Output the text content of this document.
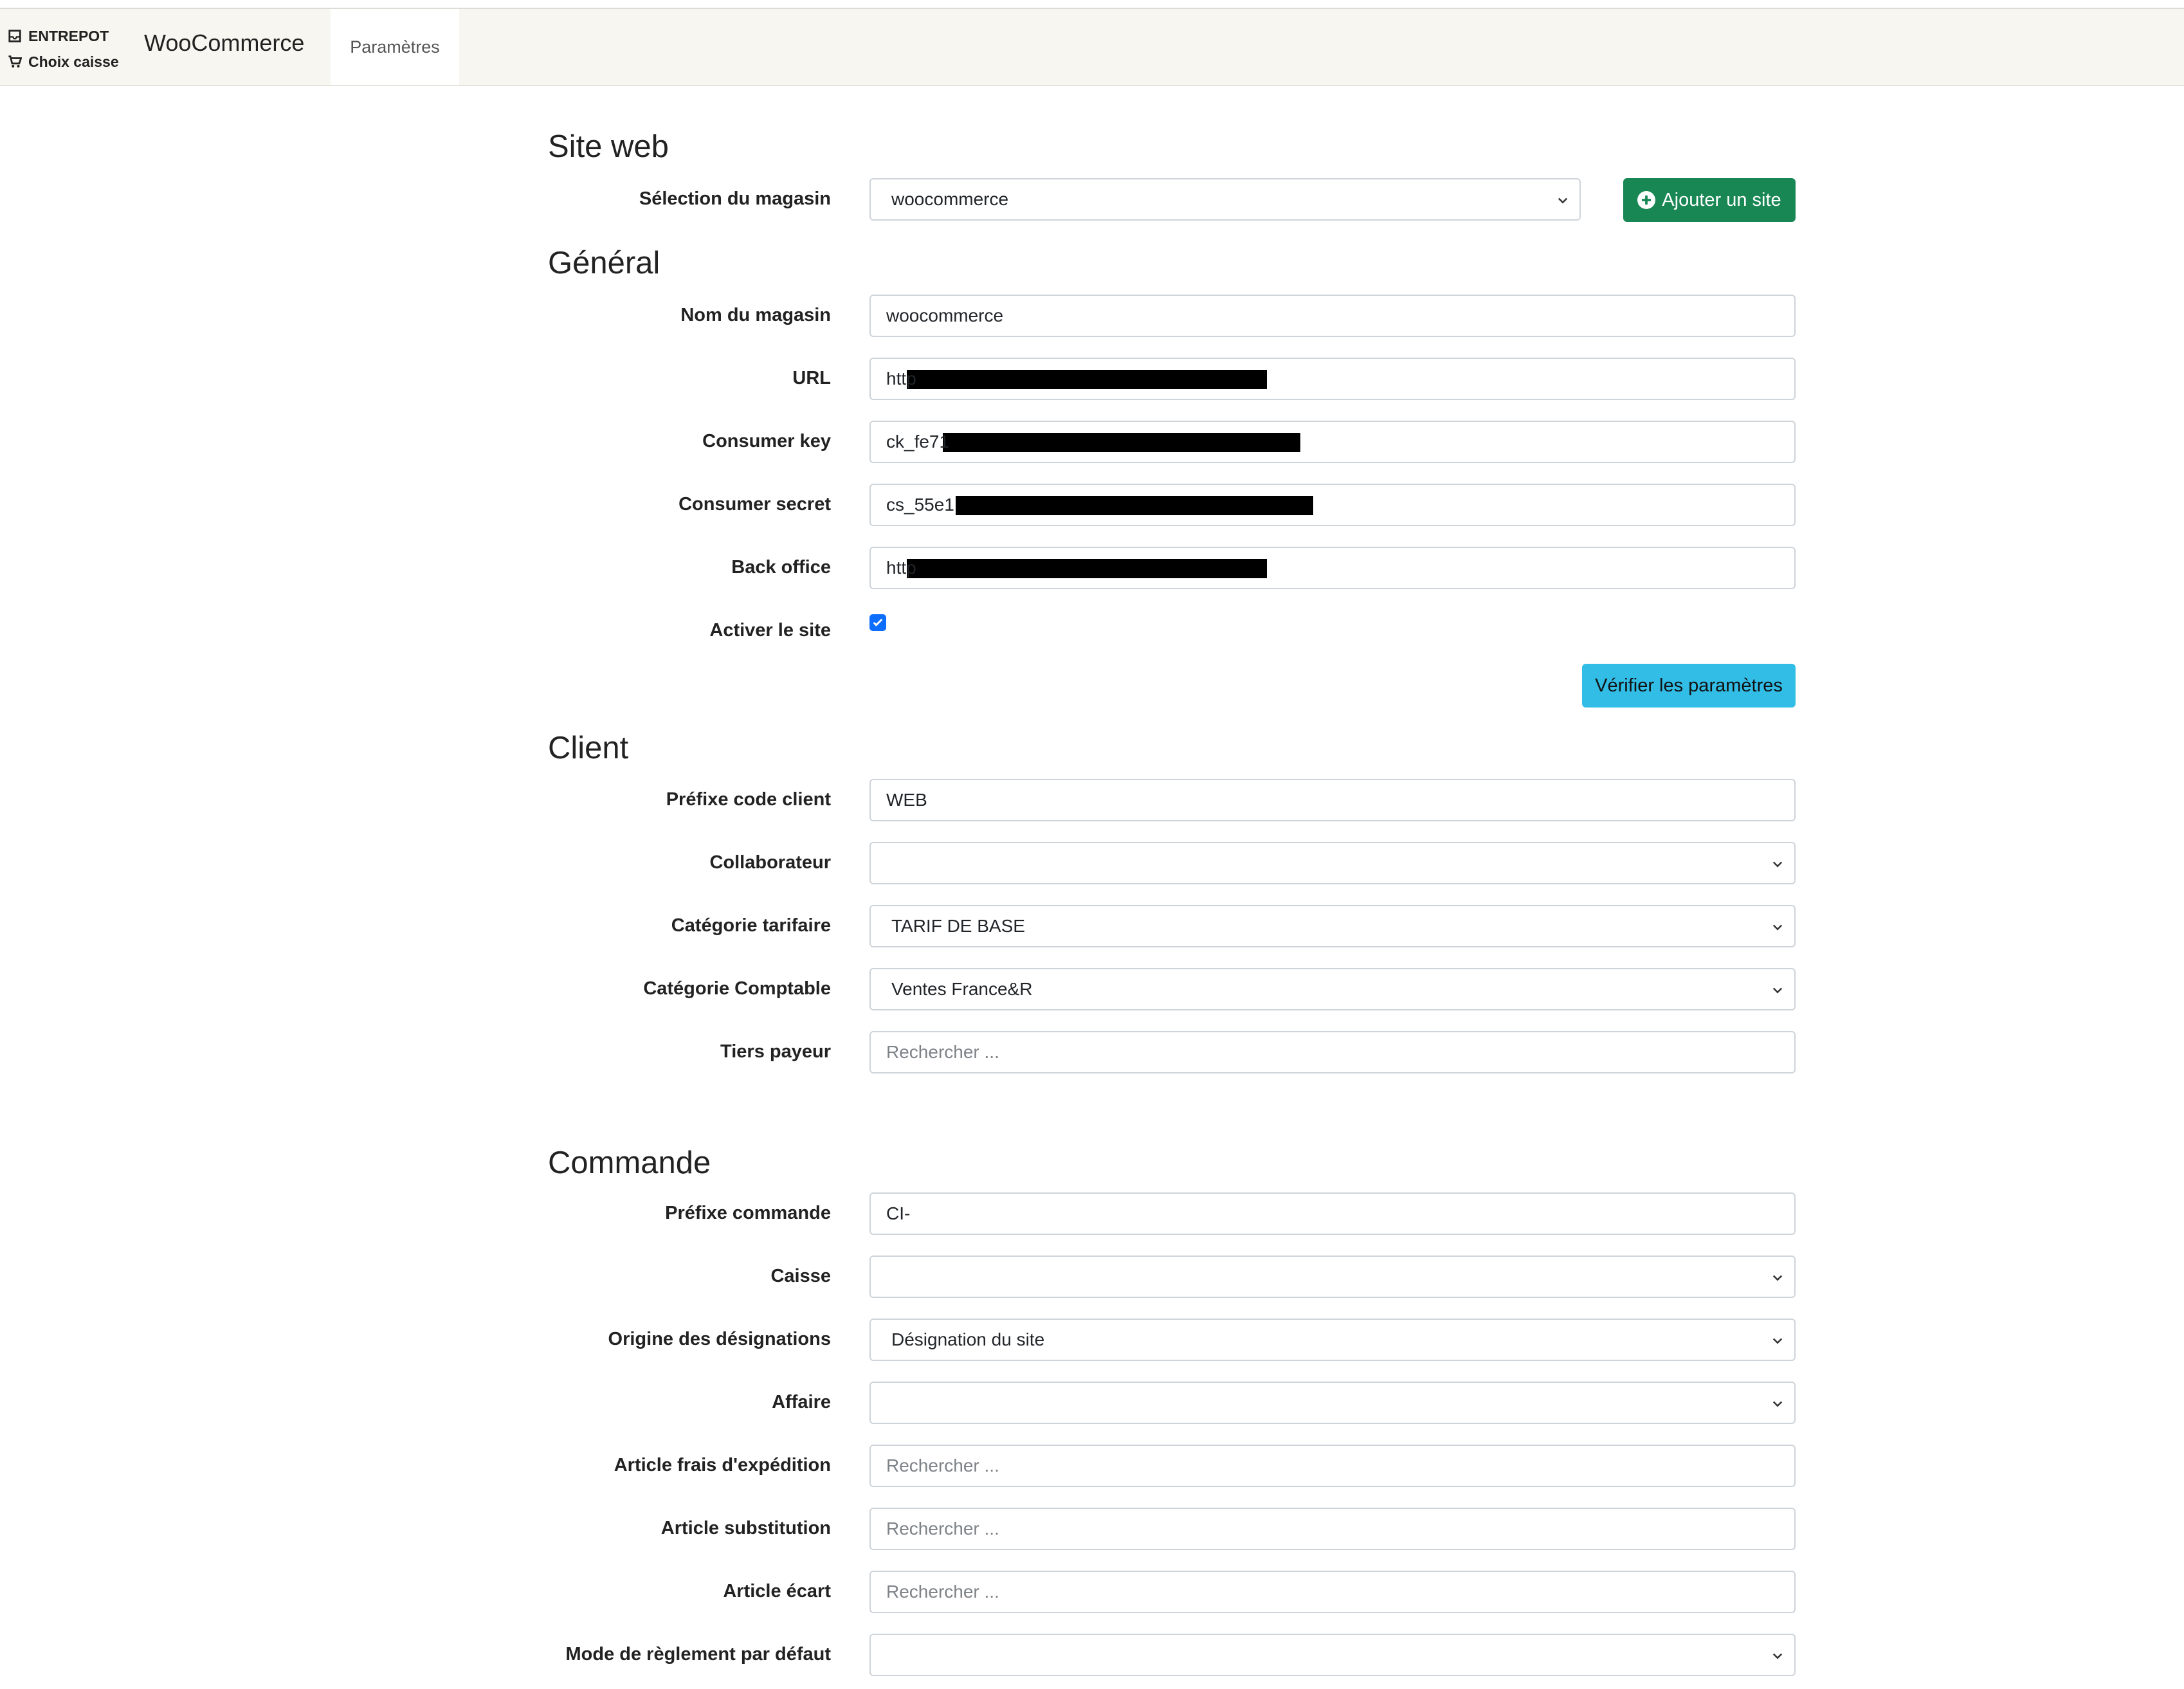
ENTREPOT
Choix caisse
WooCommerce	Paramètres
Site web
Sélection du magasin	woocommerce	Ajouter un site
Général
Nom du magasin	woocommerce
URL	http
Consumer key	ck_fe71
Consumer secret	cs_55e1
Back office	http
Activer le site
Vérifier les paramètres
Client
Préfixe code client	WEB
Collaborateur
Catégorie tarifaire	TARIF DE BASE
Catégorie Comptable	Ventes France&R
Tiers payeur	Rechercher ...
Commande
Préfixe commande	CI-
Caisse
Origine des désignations	Désignation du site
Affaire
Article frais d'expédition	Rechercher ...
Article substitution	Rechercher ...
Article écart	Rechercher ...
Mode de règlement par défaut
